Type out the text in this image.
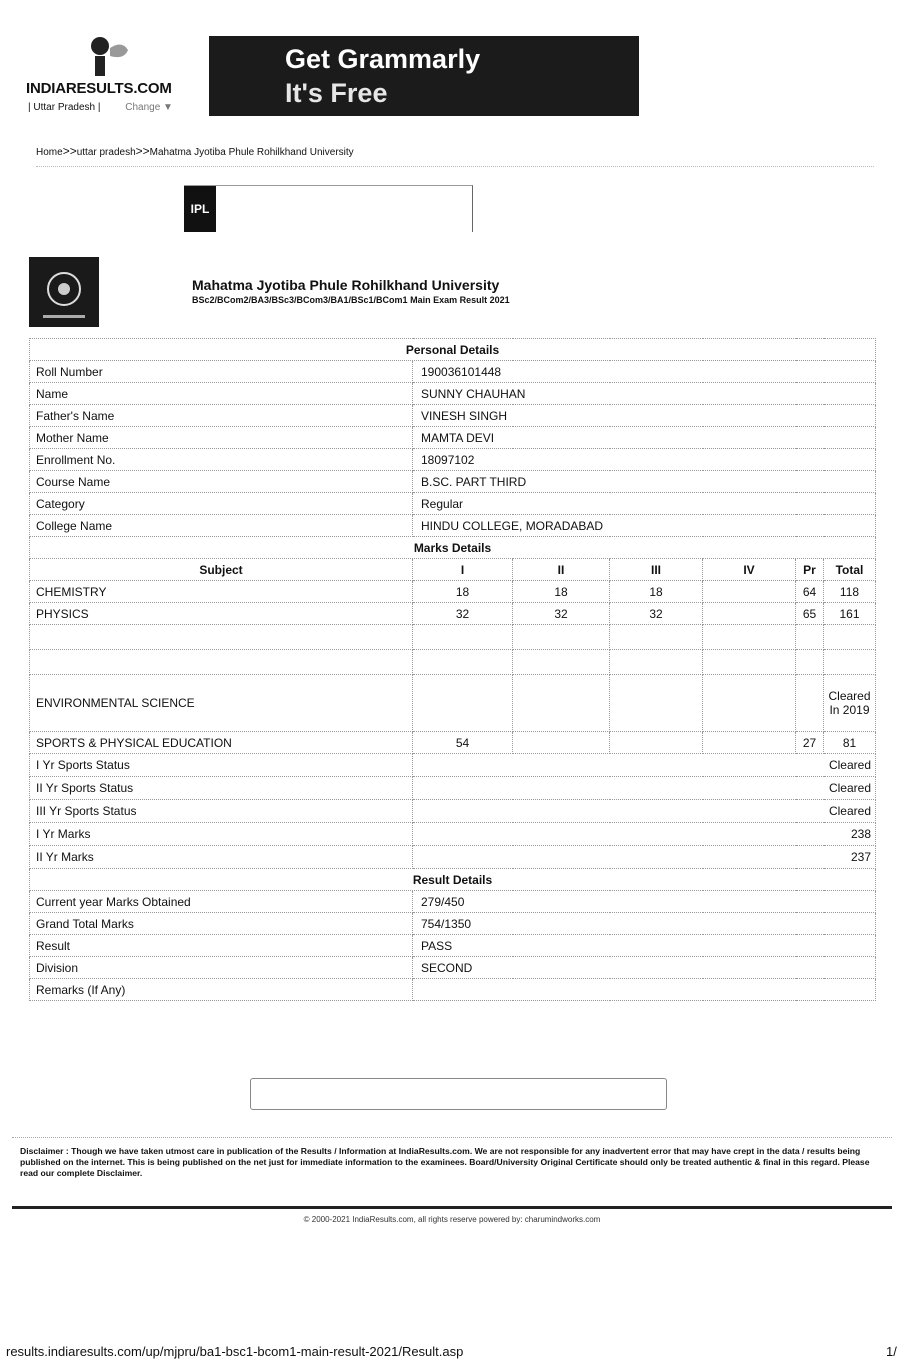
INDIARESULTS.COM
| Uttar Pradesh | Change ▼
Get Grammarly
It's Free
Home>>uttar pradesh>>Mahatma Jyotiba Phule Rohilkhand University
IPL
Mahatma Jyotiba Phule Rohilkhand University
BSc2/BCom2/BA3/BSc3/BCom3/BA1/BSc1/BCom1 Main Exam Result 2021
Personal Details						
Roll Number	190036101448					
Name	SUNNY CHAUHAN					
Father's Name	VINESH SINGH					
Mother Name	MAMTA DEVI					
Enrollment No.	18097102					
Course Name	B.SC. PART THIRD					
Category	Regular					
College Name	HINDU COLLEGE, MORADABAD					
Marks Details						
Subject	I	II	III	IV	Pr	Total
CHEMISTRY	18	18	18		64	118
PHYSICS	32	32	32		65	161

ENVIRONMENTAL SCIENCE						Cleared In 2019
SPORTS & PHYSICAL EDUCATION	54				27	81
I Yr Sports Status	Cleared					
II Yr Sports Status	Cleared					
III Yr Sports Status	Cleared					
I Yr Marks	238					
II Yr Marks	237					
Result Details						
Current year Marks Obtained	279/450					
Grand Total Marks	754/1350					
Result	PASS					
Division	SECOND					
Remarks (If Any)						
Disclaimer : Though we have taken utmost care in publication of the Results / Information at IndiaResults.com. We are not responsible for any inadvertent error that may have crept in the data / results being published on the internet. This is being published on the net just for immediate information to the examinees. Board/University Original Certificate should only be treated authentic & final in this regard. Please read our complete Disclaimer.
© 2000-2021 IndiaResults.com, all rights reserve powered by: charumindworks.com
results.indiaresults.com/up/mjpru/ba1-bsc1-bcom1-main-result-2021/Result.asp	1/
